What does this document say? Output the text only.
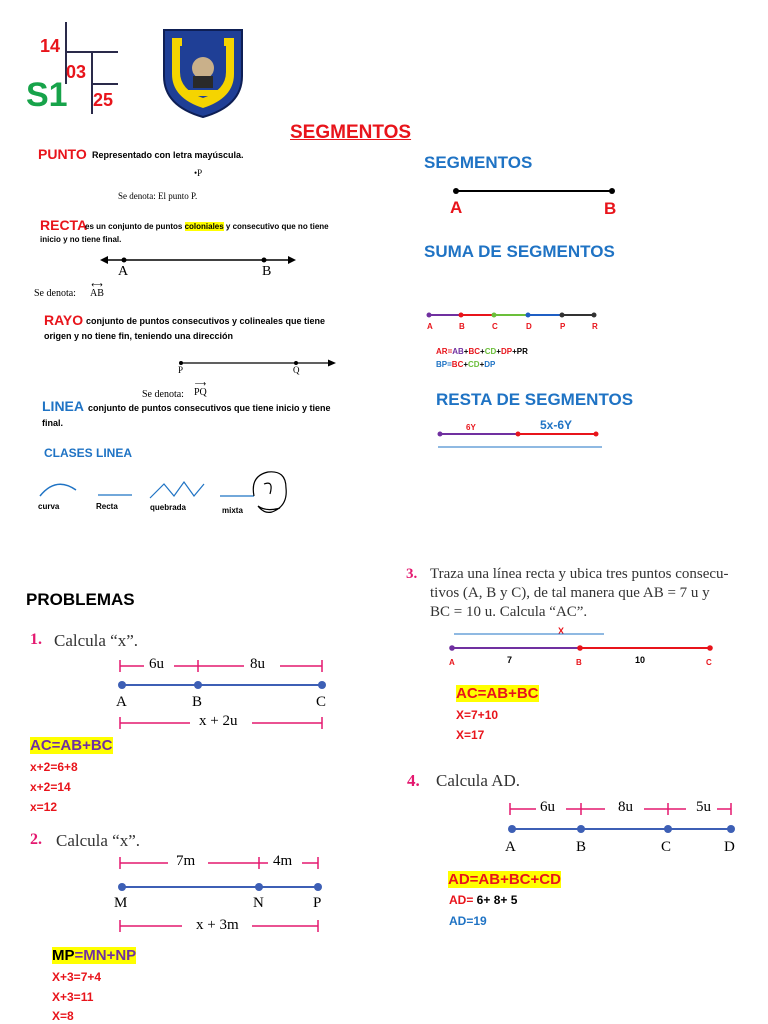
14
03
25
S1
SEGMENTOS
PUNTO Representado con letra mayúscula.
•P
Se denota: El punto P.
RECTA
es un conjunto de puntos coloniales y consecutivo que no tiene
inicio y no tiene final.
A	B
Se denota:
⟷
AB
RAYO conjunto de puntos consecutivos y colineales que tiene
origen y no tiene fin, teniendo una dirección
P	Q
Se denota:
⟶
PQ
LINEA conjunto de puntos consecutivos que tiene inicio y tiene
final.
CLASES LINEA
curva	Recta	quebrada	mixta
SEGMENTOS
A	B
SUMA DE SEGMENTOS
A	B	C	D	P	R
AR=AB+BC+CD+DP+PR
BP=BC+CD+DP
RESTA DE SEGMENTOS
6Y	5x-6Y
PROBLEMAS
1. Calcula “x”.
6u	8u
A	B	C
x + 2u
AC=AB+BC
x+2=6+8
x+2=14
x=12
2. Calcula “x”.
7m	4m
M	N	P
x + 3m
MP=MN+NP
X+3=7+4
X+3=11
X=8
3. Traza una línea recta y ubica tres puntos consecu-
tivos (A, B y C), de tal manera que AB = 7 u y
BC = 10 u. Calcula “AC”.
X
A	7	B	10	C
AC=AB+BC
X=7+10
X=17
4. Calcula AD.
6u	8u	5u
A	B	C	D
AD=AB+BC+CD
AD= 6+ 8+ 5
AD=19
